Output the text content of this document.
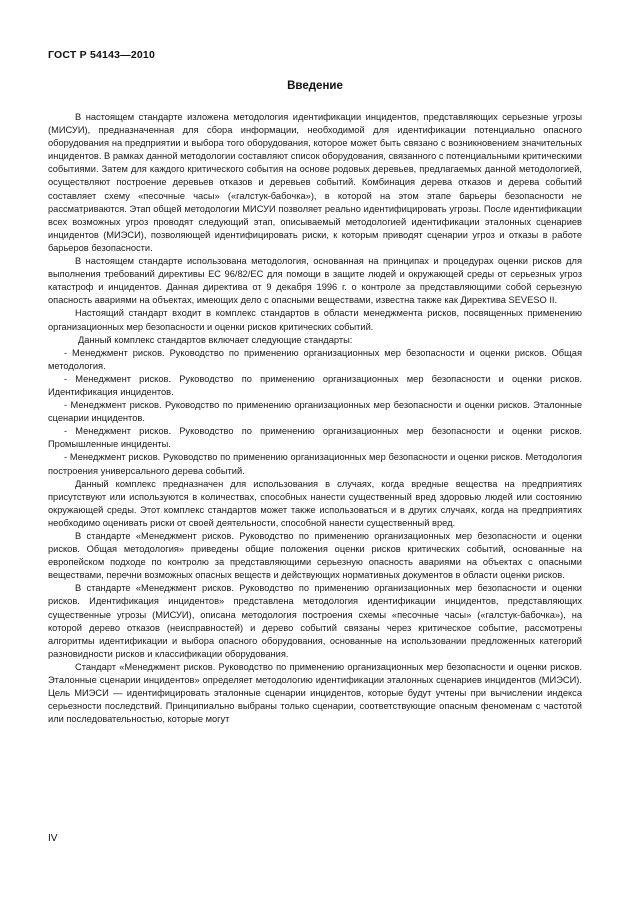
ГОСТ Р 54143—2010
Введение

В настоящем стандарте изложена методология идентификации инцидентов, представляющих серьезные угрозы (МИСУИ), предназначенная для сбора информации, необходимой для идентификации потенциально опасного оборудования на предприятии и выбора того оборудования, которое может быть связано с возникновением значительных инцидентов. В рамках данной методологии составляют список оборудования, связанного с потенциальными критическими событиями. Затем для каждого критического события на основе родовых деревьев, предлагаемых данной методологией, осуществляют построение деревьев отказов и деревьев событий. Комбинация дерева отказов и дерева событий составляет схему «песочные часы» («галстук-бабочка»), в которой на этом этапе барьеры безопасности не рассматриваются. Этап общей методологии МИСУИ позволяет реально идентифицировать угрозы. После идентификации всех возможных угроз проводят следующий этап, описываемый методологией идентификации эталонных сценариев инцидентов (МИЭСИ), позволяющей идентифицировать риски, к которым приводят сценарии угроз и отказы в работе барьеров безопасности.

В настоящем стандарте использована методология, основанная на принципах и процедурах оценки рисков для выполнения требований директивы ЕС 96/82/ЕС для помощи в защите людей и окружающей среды от серьезных угроз катастроф и инцидентов. Данная директива от 9 декабря 1996 г. о контроле за представляющими собой серьезную опасность авариями на объектах, имеющих дело с опасными веществами, известна также как Директива SEVESO II.

Настоящий стандарт входит в комплекс стандартов в области менеджмента рисков, посвященных применению организационных мер безопасности и оценки рисков критических событий.

Данный комплекс стандартов включает следующие стандарты:

- Менеджмент рисков. Руководство по применению организационных мер безопасности и оценки рисков. Общая методология.

- Менеджмент рисков. Руководство по применению организационных мер безопасности и оценки рисков. Идентификация инцидентов.

- Менеджмент рисков. Руководство по применению организационных мер безопасности и оценки рисков. Эталонные сценарии инцидентов.

- Менеджмент рисков. Руководство по применению организационных мер безопасности и оценки рисков. Промышленные инциденты.

- Менеджмент рисков. Руководство по применению организационных мер безопасности и оценки рисков. Методология построения универсального дерева событий.

Данный комплекс предназначен для использования в случаях, когда вредные вещества на предприятиях присутствуют или используются в количествах, способных нанести существенный вред здоровью людей или состоянию окружающей среды. Этот комплекс стандартов может также использоваться и в других случаях, когда на предприятиях необходимо оценивать риски от своей деятельности, способной нанести существенный вред.

В стандарте «Менеджмент рисков. Руководство по применению организационных мер безопасности и оценки рисков. Общая методология» приведены общие положения оценки рисков критических событий, основанные на европейском подходе по контролю за представляющими серьезную опасность авариями на объектах с опасными веществами, перечни возможных опасных веществ и действующих нормативных документов в области оценки рисков.

В стандарте «Менеджмент рисков. Руководство по применению организационных мер безопасности и оценки рисков. Идентификация инцидентов» представлена методология идентификации инцидентов, представляющих существенные угрозы (МИСУИ), описана методология построения схемы «песочные часы» («галстук-бабочка»), на которой дерево отказов (неисправностей) и дерево событий связаны через критическое событие, рассмотрены алгоритмы идентификации и выбора опасного оборудования, основанные на использовании предложенных категорий разновидности рисков и классификации оборудования.

Стандарт «Менеджмент рисков. Руководство по применению организационных мер безопасности и оценки рисков. Эталонные сценарии инцидентов» определяет методологию идентификации эталонных сценариев инцидентов (МИЭСИ). Цель МИЭСИ — идентифицировать эталонные сценарии инцидентов, которые будут учтены при вычислении индекса серьезности последствий. Принципиально выбраны только сценарии, соответствующие опасным феноменам с частотой или последовательностью, которые могут

IV
